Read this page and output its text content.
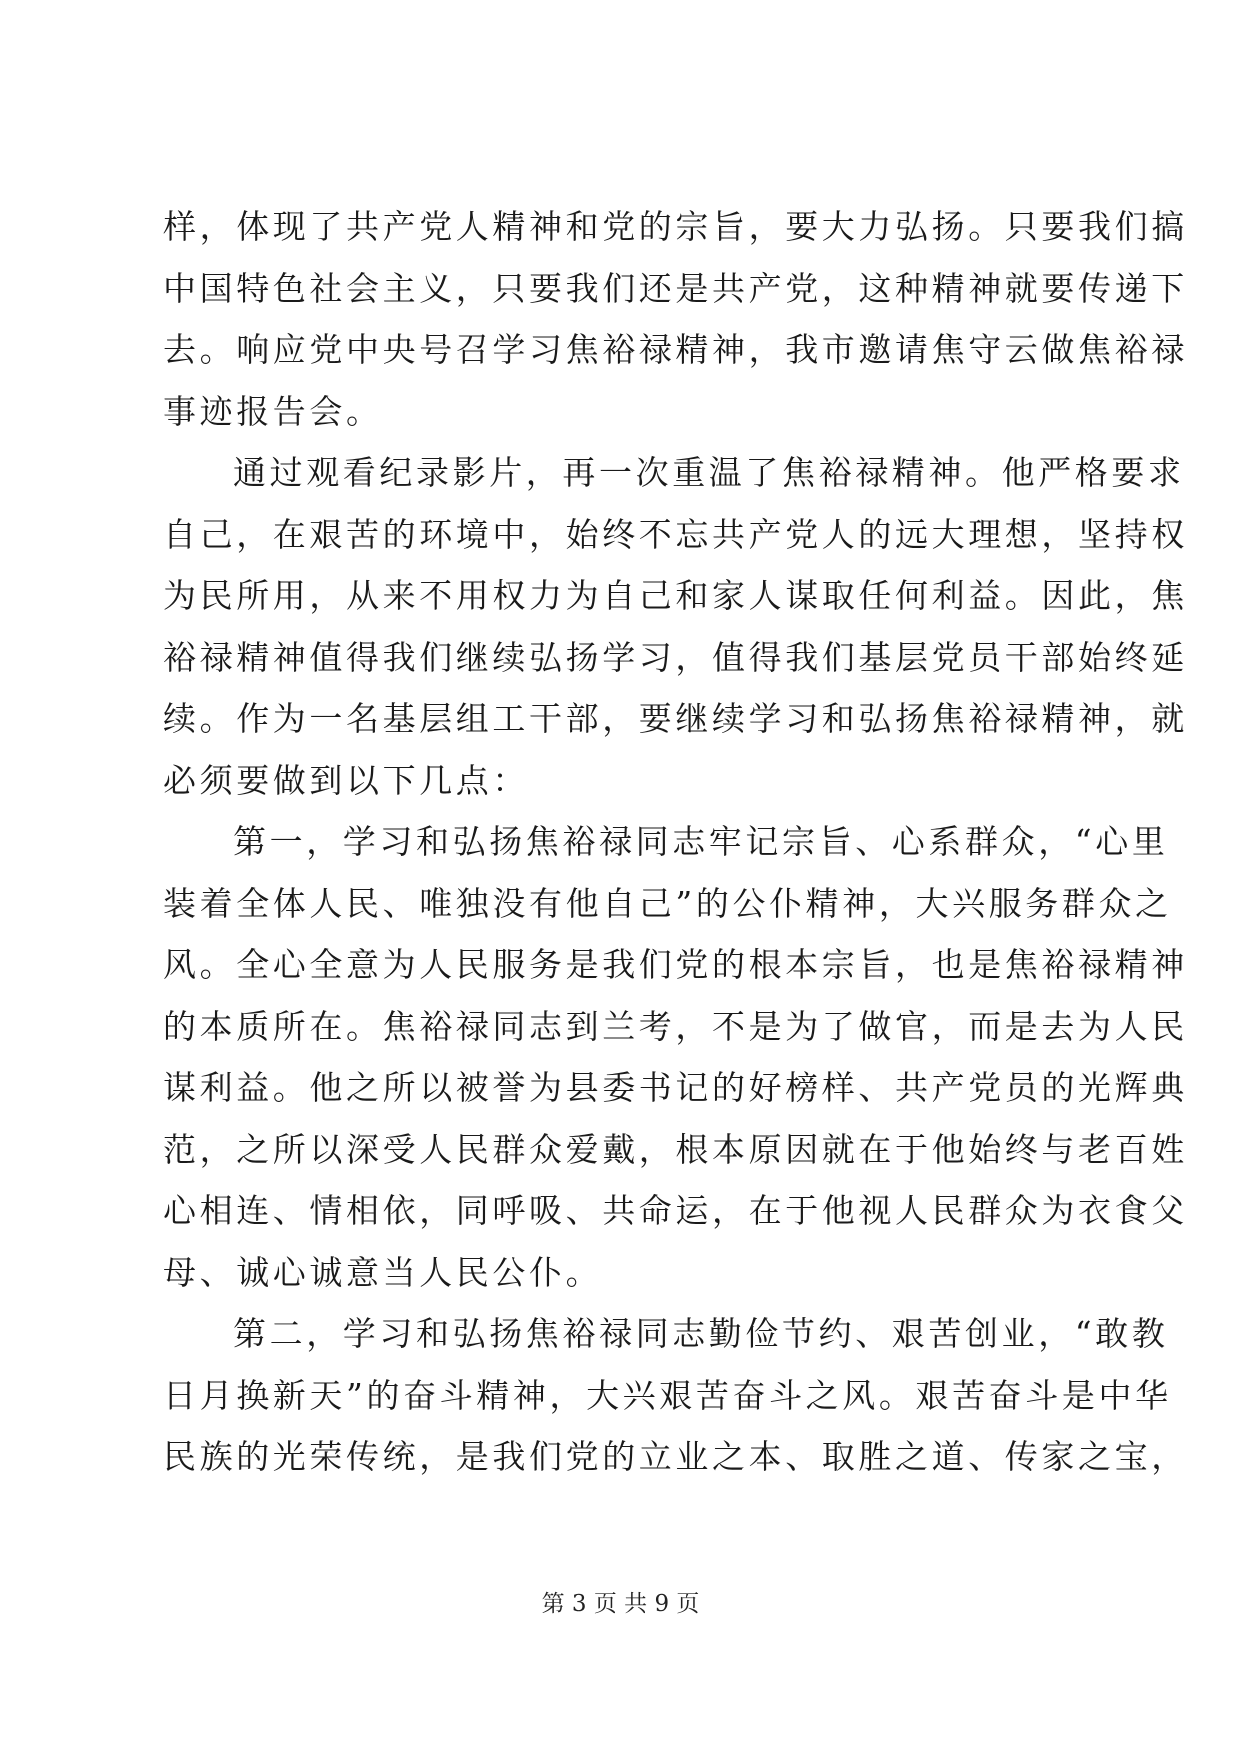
样，体现了共产党人精神和党的宗旨，要大力弘扬。只要我们搞
中国特色社会主义，只要我们还是共产党，这种精神就要传递下
去。响应党中央号召学习焦裕禄精神，我市邀请焦守云做焦裕禄
事迹报告会。
通过观看纪录影片，再一次重温了焦裕禄精神。他严格要求
自己，在艰苦的环境中，始终不忘共产党人的远大理想，坚持权
为民所用，从来不用权力为自己和家人谋取任何利益。因此，焦
裕禄精神值得我们继续弘扬学习，值得我们基层党员干部始终延
续。作为一名基层组工干部，要继续学习和弘扬焦裕禄精神，就
必须要做到以下几点：
第一，学习和弘扬焦裕禄同志牢记宗旨、心系群众，“心里
装着全体人民、唯独没有他自己”的公仆精神，大兴服务群众之
风。全心全意为人民服务是我们党的根本宗旨，也是焦裕禄精神
的本质所在。焦裕禄同志到兰考，不是为了做官，而是去为人民
谋利益。他之所以被誉为县委书记的好榜样、共产党员的光辉典
范，之所以深受人民群众爱戴，根本原因就在于他始终与老百姓
心相连、情相依，同呼吸、共命运，在于他视人民群众为衣食父
母、诚心诚意当人民公仆。
第二，学习和弘扬焦裕禄同志勤俭节约、艰苦创业，“敢教
日月换新天”的奋斗精神，大兴艰苦奋斗之风。艰苦奋斗是中华
民族的光荣传统，是我们党的立业之本、取胜之道、传家之宝，
第 3 页 共 9 页
